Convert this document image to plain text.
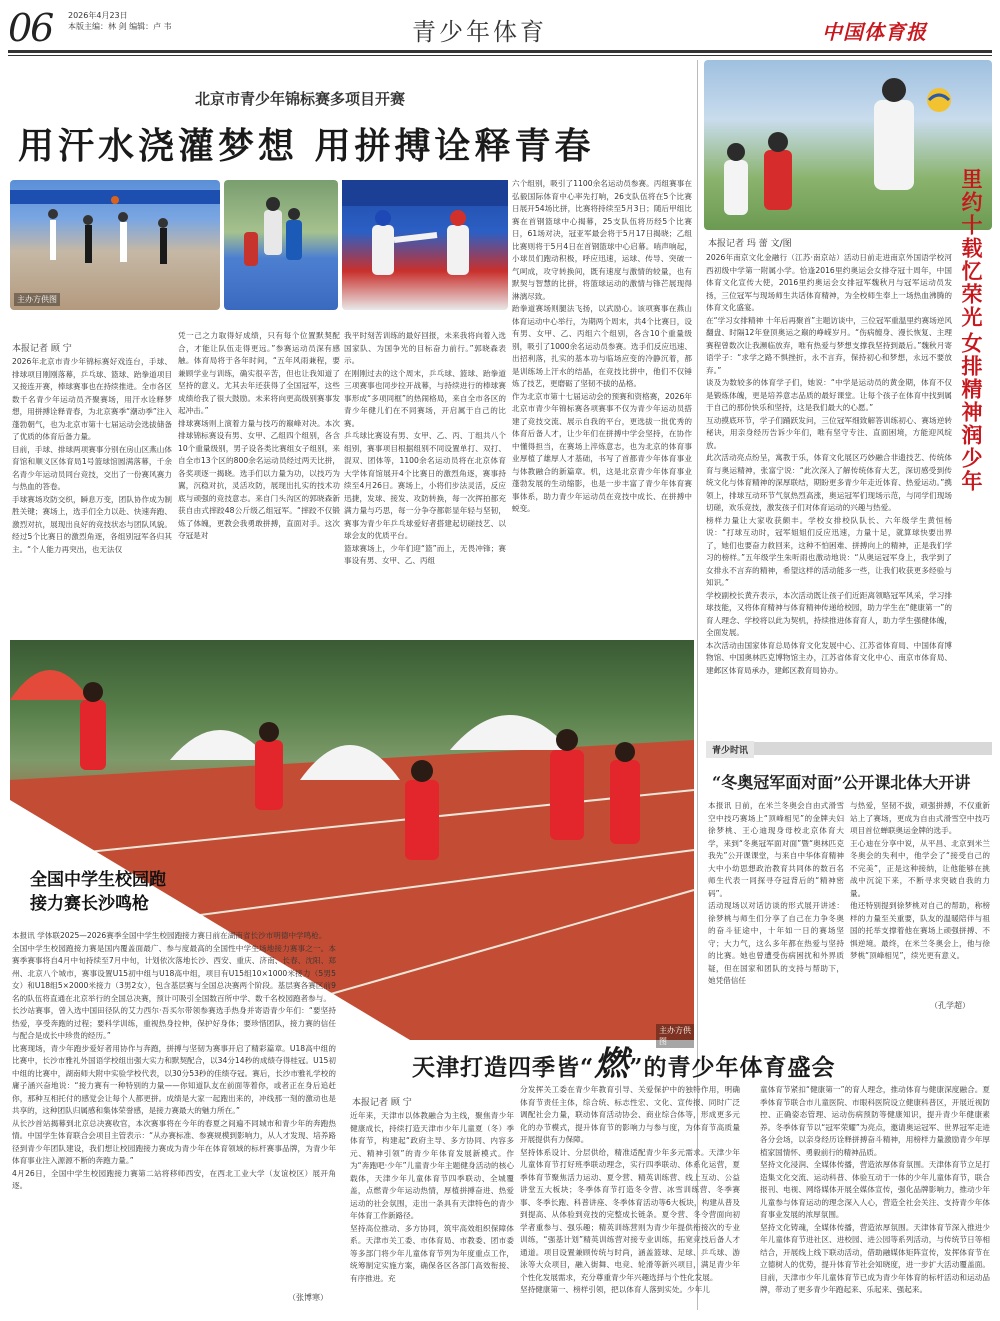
06 2026年4月23日
本版主编：林 剑 编辑：卢 韦	青少年体育	中国体育报
北京市青少年锦标赛多项目开赛
用汗水浇灌梦想 用拼搏诠释青春
主办方供图
本报记者 顾 宁
2026年北京市青少年锦标赛好戏连台，手球、排球项目刚刚落幕，乒乓球、篮球、跆拳道项目又接连开赛，棒球赛事也在持续推进。全市各区数千名青少年运动员齐聚赛场，用汗水诠释梦想，用拼搏诠释青春，为北京赛季“潮动季”注入蓬勃朝气，也为北京市第十七届运动会选拔储备了优质的体育后备力量。
目前，手球、排球两项赛事分别在房山区燕山体育馆和顺义区体育局1号篮球馆圆满落幕，千余名青少年运动员同台竞技，交出了一份赛风赛力与热血的答卷。
手球赛场攻防交织，瞬息万变，团队协作成为制胜关键；赛场上，选手们全力以赴、快速奔跑、激烈对抗，展现出良好的竞技状态与团队风貌。经过5个比赛日的激烈角逐，各组别冠军各归其主。“个人能力再突出，也无法仅
凭一己之力取得好成绩，只有每个位置默契配合，才能让队伍走得更远。”参赛运动员深有感触。体育局将于各年时间，“五年风雨兼程，要兼顾学业与训练，确实很辛苦，但也让我知道了坚持的意义。尤其去年还获得了全国冠军，这些成绩给我了很大鼓励。未来将向更高级别赛事发起冲击。”
排球赛场则上演着力量与技巧的巅峰对决。本次排球锦标赛设有男、女甲、乙组四个组别，各含10个重量级别，男子设各类比赛组女子组别，来自全市13个区的800余名运动员经过两天比拼，各奖项逐一揭晓。选手们以力量为功，以技巧为翼，沉稳对抗，灵活攻防，展现出扎实的技术功底与顽强的竞技意志。来自门头沟区的郭晓森新获自由式摔跤48公斤级乙组冠军。“摔跤不仅锻炼了体魄，更教会我勇敢拼搏，直面对手。这次夺冠是对
我平时刻苦训练的最好回报，未来我将向着入选国家队、为国争光的目标奋力前行。”郭晓森表示。
在刚刚过去的这个周末，乒乓球、篮球、跆拳道三项赛事也同步拉开战幕，与持续进行的棒球赛事形成“多项同框”的热闹格局，来自全市各区的青少年健儿们在不同赛场，开启属于自己的比赛。
乒乓球比赛设有男、女甲、乙、丙、丁组共八个组别，赛事项目根据组别不同设置单打、双打、混双、团体等，1100余名运动员将在北京体育大学体育馆展开4个比赛日的激烈角逐，赛事持续至4月26日。赛场上，小将们步法灵活，反应迅捷，发球、接发、攻防转换，每一次挥拍都充满力量与巧思，每一分争夺都彰显年轻与坚韧，赛事为青少年乒乓球爱好者搭建起切磋技艺、以球会友的优质平台。
篮球赛场上，少年们迎“篮”而上，无畏冲锋；赛事设有男、女甲、乙、丙组
六个组别，吸引了1100余名运动员参赛。丙组赛事在弘毅国际体育中心率先打响，26支队伍将在5个比赛日展开54场比拼，比赛将持续至5月3日；随后甲组比赛在首钢篮球中心揭幕，25支队伍将历经5个比赛日，61场对决，冠亚军最会将于5月17日揭晓；乙组比赛则将于5月4日在首钢篮球中心启幕。哨声响起，小球员们跑动积极，呼应迅速，运球、传导、突破一气呵成，攻守转换间，既有速度与激情的较量，也有默契与智慧的比拼，将篮球运动的激情与锋芒展现得淋漓尽致。
跆拳道赛场则腿法飞扬，以武励心。该项赛事在燕山体育运动中心举行，为期两个周末，共4个比赛日，设有男、女甲、乙、丙组六个组别，各含10个重量级别，吸引了1000余名运动员参赛。选手们反应迅速、出招利落，扎实的基本功与临场应变的冷静沉着，都是训练场上汗水的结晶，在竞技比拼中，他们不仅锤炼了技艺，更磨砺了坚韧不拔的品格。
作为北京市第十七届运动会的预赛和资格赛，2026年北京市青少年锦标赛各项赛事不仅为青少年运动员搭建了竞技交流、展示自我的平台，更选拔一批优秀的体育后备人才，让少年们在拼搏中学会坚持，在协作中懂得担当，在赛场上淬炼意志，也为北京的体育事业厚植了雄厚人才基础，书写了首都青少年体育事业与体教融合的新篇章。机，这是北京青少年体育事业蓬勃发展的生动缩影，也是一步丰富了青少年体育赛事体系，助力青少年运动员在竞技中成长、在拼搏中蜕变。
里约十载忆荣光
女排精神润少年
本报记者 玛 蕾 文/图
2026年南京文化金融行（江苏·南京站）活动日前走进南京外国语学校河西初级中学第一附属小学。恰逢2016里约奥运会女排夺冠十周年，中国体育文化宣传大使，2016里约奥运会女排冠军魏秋月与冠军运动员发扬，三位冠军与现场师生共话体育精神，为全校师生奉上一场热血沸腾的体育文化盛宴。
在“学习女排精神 十年后再聚首”主题访谈中，三位冠军重温里约赛场逆风翻盘、时隔12年登顶奥运之巅的峥嵘岁月。“伤病缠身、漫长恢复、主理赛程曾数次让我濒临放弃，唯有热爱与梦想支撑我坚持到最后。”魏秋月寄语学子：“求学之路不惧挫折，永不言弃，保持初心和梦想，永远不要放弃。”
谈及为数较多的体育学子们，她说：“中学是运动员的黄金期，体育不仅是锻炼体魄，更是培养意志品质的最好课堂。让每个孩子在体育中找到属于自己的那份快乐和坚持，这是我们最大的心愿。”
互动摸底环节，学子们踊跃发问，三位冠军细致解答训练初心、赛场逆转秘诀，用亲身经历告诉少年们，唯有坚守专注、直面困境，方能迎风绽放。
此次活动亮点纷呈，寓教于乐，体育文化展区巧妙融合非遗技艺、传统体育与奥运精神，张富宁说：“此次深入了解传统体育大艺，深切感受到传统文化与体育精神的深厚联结，期盼更多青少年走近体育、热爱运动。”携领上，排球互动环节气氛热烈高涨，奥运冠军们现场示范，与同学们现场切磋，欢乐竞技，激发孩子们对体育运动的兴趣与热爱。
榜样力量让大家收获颇丰。学校女排校队队长、六年级学生黄恒杨说：“打球互动时，冠军姐姐们反应迅速，力量十足，就算球快要出界了，她们也要奋力救回来，这种不怕困难、拼搏向上的精神，正是我们学习的榜样。”五年级学生朱听雨也激动地说：“从奥运冠军身上，我学到了女排永不言弃的精神，希望这样的活动能多一些，让我们收获更多经验与知识。”
学校副校长黄卉表示，本次活动既让孩子们近距离领略冠军风采，学习排球技能，又将体育精神与体育精神传递给校园，助力学生在“健康第一”的育人理念、学校将以此为契机，持续推进体育育人，助力学生强健体魄，全面发展。
本次活动由国家体育总局体育文化发展中心、江苏省体育局、中国体育博物馆、中国奥林匹克博物馆主办，江苏省体育文化中心、南京市体育局、建邺区体育局承办，建邺区教育局协办。
青少时讯
“冬奥冠军面对面”公开课北体大开讲
本报讯 日前，在米兰冬奥会自由式滑雪空中技巧赛场上“顶峰相见”的金牌夫妇徐梦桃、王心迪现身母校北京体育大学，来到“冬奥冠军面对面”暨“奥林匹克我先”公开课课堂，与来自中华体育精神大中小幼思想政治教育共同体的数百名师生代表一同探寻夺冠背后的“精神密码”。
活动现场以对话访谈的形式展开讲述：徐梦桃与师生们分享了自己在力争冬奥的奋斗征途中，十年如一日的赛场坚守；大力气，这么多年都在热爱与坚持的比赛。她也曾遭受伤病困扰和外界质疑，但在国家和团队的支持与帮助下，她凭借信任
与热爱，坚韧不拔，顽强拼搏，不仅重新站上了赛场，更成为自由式滑雪空中技巧项目首位蝉联奥运金牌的选手。
王心迪在分享中说，从平昌、北京到米兰冬奥会的失利中，他学会了“接受自己的不完美”，正是这种接纳，让他能够在挑战中沉淀下来，不断寻求突破自我的力量。
他还特别提到徐梦桃对自己的帮助，称榜样的力量至关重要，队友的温暖陪伴与祖国的托举支撑着他在赛场上顽强拼搏、不惧逆境。最终，在米兰冬奥会上，他与徐梦桃“顶峰相见”，续光更有意义。
（孔学超）
主办方供图
全国中学生校园跑
接力赛长沙鸣枪
本报讯 学体联2025—2026赛季全国中学生校园跑接力赛日前在湖南省长沙市明德中学鸣枪。
全国中学生校园跑接力赛是国内覆盖面最广、参与度最高的全国性中学生场地接力赛事之一。本赛季赛事将自4月中旬持续至7月中旬，计划依次落地长沙、西安、重庆、济南、长春、沈阳、郑州、北京八个城市，赛事设置U15初中组与U18高中组，项目有U15组10×1000米接力（5男5女）和U18组5×2000米接力（3男2女），包含基层赛与全国总决赛两个阶段。基层赛各赛区前9名的队伍将直通在北京举行的全国总决赛，预计可吸引全国数百所中学、数千名校园跑者参与。
长沙站赛事，曾入选中国田径队的艾力西尔·吾买尔带领参赛选手热身并寄语青少年们：“要坚持热爱，享受奔跑的过程；要科学训练，重视热身拉伸，保护好身体；要珍惜团队，接力赛的信任与配合是成长中珍贵的经历。”
比赛现场，青少年跑步爱好者用协作与奔跑，拼搏与坚韧为赛事开启了精彩篇章。U18高中组的比赛中，长沙市雅礼外国语学校组出强大实力和默契配合，以34分14秒的成绩夺得桂冠。U15初中组的比赛中，湖南师大附中实验学校代表，以30分53秒的佳绩夺冠。赛后，长沙市雅礼学校的庸子涵兴奋地说：“接力赛有一种特别的力量——你知道队友在前面等着你，或者正在身后追赶你，那种互相托付的感觉会让每个人都更拼。成绩是大家一起跑出来的，冲线那一刻的激动也是共享的，这种团队归属感和集体荣誉感，是接力赛最大的魅力所在。”
从长沙首站揭幕到北京总决赛收官，本次赛事将在今年的春夏之间遍不同城市和青少年的奔跑热情。中国学生体育联合会项目主管表示：“从办赛标准、参赛规模到影响力，从人才发现、培养路径到青少年团队建设，我们想让校园跑接力赛成为青少年在体育领域的标杆赛事品牌，为青少年体育事业注入源源不断的奔跑力量。”
4月26日，全国中学生校园跑接力赛第二站将移师西安，在西北工业大学（友谊校区）展开角逐。
（张博寒）
天津打造四季皆“燃”的青少年体育盛会
本报记者 顾 宁
近年来，天津市以体教融合为主线，聚焦青少年健康成长，持续打造天津市少年儿童夏（冬）季体育节，构建起“政府主导、多方协同、内容多元、精神引领”的青少年体育发展新模式。作为“奔跑吧·少年”儿童青少年主题健身活动的核心载体，天津少年儿童体育节四季联动、全城覆盖，点燃青少年运动热情，厚植拼搏奋进、热爱运动的社会氛围，走出一条具有天津特色的青少年体育工作新路径。
坚持高位推动、多方协同，筑牢高效组织保障体系。天津市关工委、市体育局、市教委、团市委等多部门将少年儿童体育节列为年度重点工作，统筹制定实施方案，确保各区各部门高效衔接、有序推进。充
分发挥关工委在青少年教育引导、关爱保护中的独特作用，明确体育节责任主体，综合统、标志性宏、文化、宣传报、同时广泛调配社会力量，联动体育活动协会、商业综合体等，形成更多元化的办节模式，提升体育节的影响力与参与度，为体育节高质量开展提供有力保障。
坚持体系设计、分层供给，精准适配青少年多元需求。天津少年儿童体育节打好班季联动理念，实行四季联动、体系化运营，夏季体育节聚焦活力运动、夏令营、精英训练营、线上互动、公益讲堂五大板块；冬季体育节打造冬令营、冰雪训练营、冬季赛事、冬季长跑、科普讲座、冬季体育活动等6大板块，构建从普及到提高、从体验到竞技的完整成长链条。夏令营、冬令营面向初学者重参与、强乐趣；精英训练营则为青少年提供衔接次的专业训练，“强基计划”精英训练营对接专业训练，拓宽竞技后备人才通道。项目设置兼顾传统与时尚，涵盖篮球、足球、乒乓球、游泳等大众项目，融入街舞、电竞、轮滑等新兴项目，满足青少年个性化发展需求，充分尊重青少年兴趣选择与个性化发展。
坚持健康第一、榜样引领，把以体育人落到实处。少年儿
童体育节紧扣“健康第一”的育人理念，推动体育与健康深度融合。夏季体育节联合市儿童医院、市眼科医院设立健康科普区，开展近视防控、正确姿态管理、运动伤病预防等健康知识，提升青少年健康素养。冬季体育节以“冠军荣耀”为亮点，邀请奥运冠军、世界冠军走进各分会场，以亲身经历诠释拼搏奋斗精神，用榜样力量激励青少年厚植家国情怀、勇毅前行的精神品质。
坚持文化浸润、全媒体传播，营造浓厚体育氛围。天津体育节立足打造集文化交流、运动科普、体验互动于一体的少年儿童体育节，联合报刊、电视、网络媒体开展全媒体宣传，强化品牌影响力，推动少年儿童参与体育运动的理念深入人心，营造全社会关注、支持青少年体育事业发展的浓厚氛围。
坚持文化铸魂，全媒体传播，营造浓厚氛围。天津体育节深入推进少年儿童体育节进社区、进校园、进公园等系列活动，与传统节日等相结合，开展线上线下联动活动，借助融媒体矩阵宣传，发挥体育节在立德树人的优势，提升体育节社会知晓度，进一步扩大活动覆盖面。目前，天津市少年儿童体育节已成为青少年体育的标杆活动和运动品牌，带动了更多青少年跑起来、乐起来、强起来。
